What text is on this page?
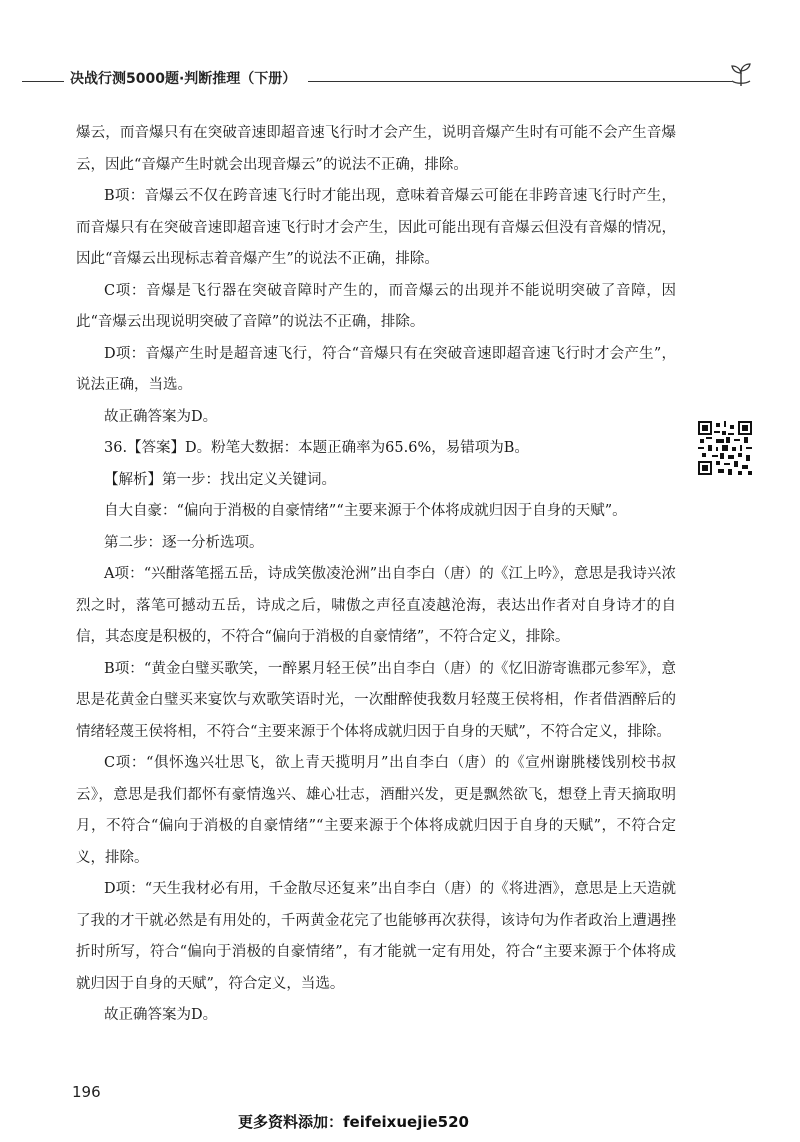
决战行测5000题·判断推理（下册）

爆云，而音爆只有在突破音速即超音速飞行时才会产生，说明音爆产生时有可能不会产生音爆云，因此“音爆产生时就会出现音爆云”的说法不正确，排除。

B项：音爆云不仅在跨音速飞行时才能出现，意味着音爆云可能在非跨音速飞行时产生，而音爆只有在突破音速即超音速飞行时才会产生，因此可能出现有音爆云但没有音爆的情况，因此“音爆云出现标志着音爆产生”的说法不正确，排除。

C项：音爆是飞行器在突破音障时产生的，而音爆云的出现并不能说明突破了音障，因此“音爆云出现说明突破了音障”的说法不正确，排除。

D项：音爆产生时是超音速飞行，符合“音爆只有在突破音速即超音速飞行时才会产生”，说法正确，当选。

故正确答案为D。

36.【答案】D。粉笔大数据：本题正确率为65.6%，易错项为B。

【解析】第一步：找出定义关键词。

自大自豪：“偏向于消极的自豪情绪”“主要来源于个体将成就归因于自身的天赋”。

第二步：逐一分析选项。

A项：“兴酣落笔摇五岳，诗成笑傲凌沧洲”出自李白（唐）的《江上吟》，意思是我诗兴浓烈之时，落笔可撼动五岳，诗成之后，啸傲之声径直凌越沧海，表达出作者对自身诗才的自信，其态度是积极的，不符合“偏向于消极的自豪情绪”，不符合定义，排除。

B项：“黄金白璧买歌笑，一醉累月轻王侯”出自李白（唐）的《忆旧游寄谯郡元参军》，意思是花黄金白璧买来宴饮与欢歌笑语时光，一次酣醉使我数月轻蔑王侯将相，作者借酒醉后的情绪轻蔑王侯将相，不符合“主要来源于个体将成就归因于自身的天赋”，不符合定义，排除。

C项：“俱怀逸兴壮思飞，欲上青天揽明月”出自李白（唐）的《宣州谢朓楼饯别校书叔云》，意思是我们都怀有豪情逸兴、雄心壮志，酒酣兴发，更是飘然欲飞，想登上青天摘取明月，不符合“偏向于消极的自豪情绪”“主要来源于个体将成就归因于自身的天赋”，不符合定义，排除。

D项：“天生我材必有用，千金散尽还复来”出自李白（唐）的《将进酒》，意思是上天造就了我的才干就必然是有用处的，千两黄金花完了也能够再次获得，该诗句为作者政治上遭遇挫折时所写，符合“偏向于消极的自豪情绪”，有才能就一定有用处，符合“主要来源于个体将成就归因于自身的天赋”，符合定义，当选。

故正确答案为D。

196
更多资料添加：feifeixuejie520
